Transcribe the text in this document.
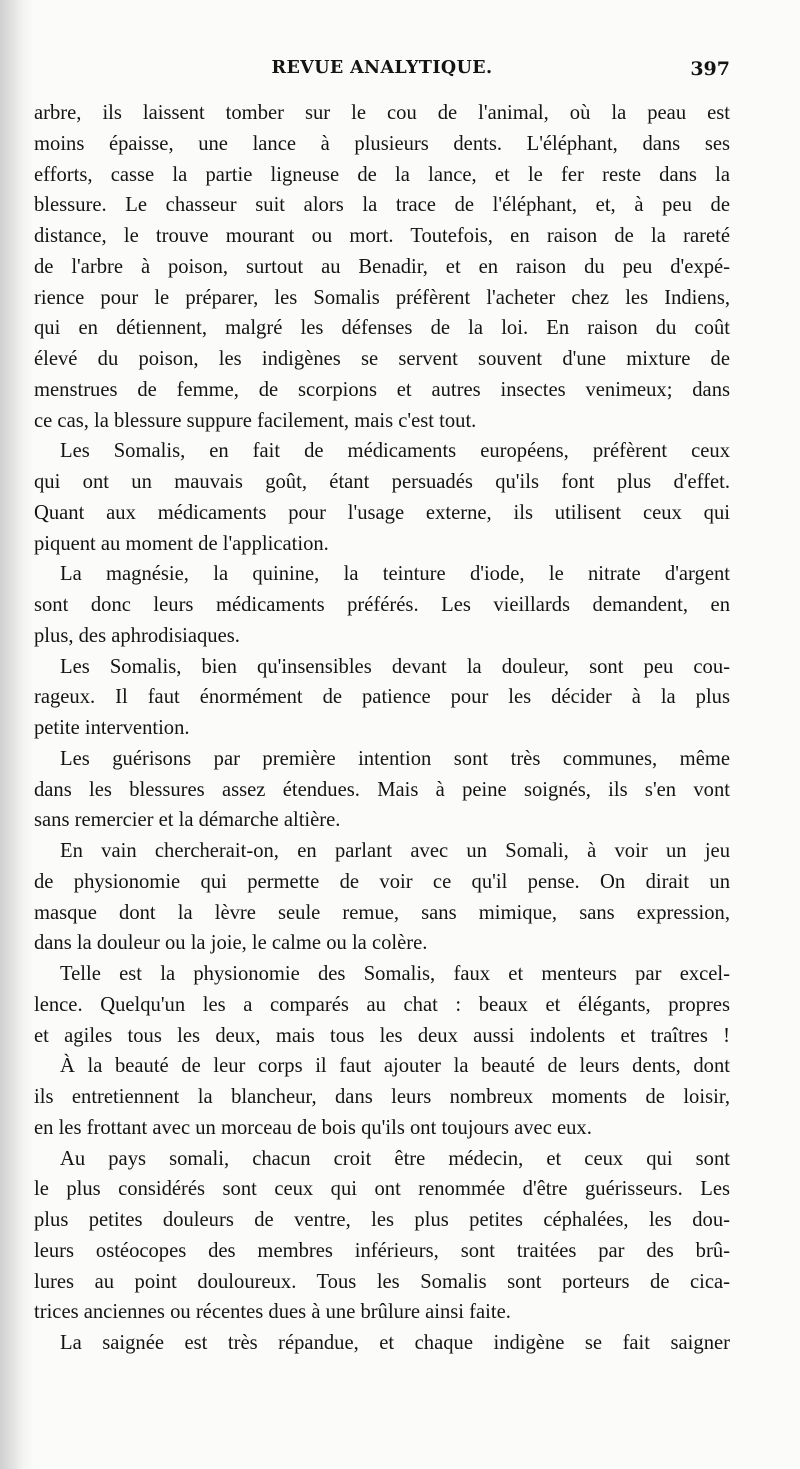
REVUE ANALYTIQUE.	397
arbre, ils laissent tomber sur le cou de l'animal, où la peau est
moins épaisse, une lance à plusieurs dents. L'éléphant, dans ses
efforts, casse la partie ligneuse de la lance, et le fer reste dans la
blessure. Le chasseur suit alors la trace de l'éléphant, et, à peu de
distance, le trouve mourant ou mort. Toutefois, en raison de la rareté
de l'arbre à poison, surtout au Benadir, et en raison du peu d'expé-
rience pour le préparer, les Somalis préfèrent l'acheter chez les Indiens,
qui en détiennent, malgré les défenses de la loi. En raison du coût
élevé du poison, les indigènes se servent souvent d'une mixture de
menstrues de femme, de scorpions et autres insectes venimeux; dans
ce cas, la blessure suppure facilement, mais c'est tout.
Les Somalis, en fait de médicaments européens, préfèrent ceux
qui ont un mauvais goût, étant persuadés qu'ils font plus d'effet.
Quant aux médicaments pour l'usage externe, ils utilisent ceux qui
piquent au moment de l'application.
La magnésie, la quinine, la teinture d'iode, le nitrate d'argent
sont donc leurs médicaments préférés. Les vieillards demandent, en
plus, des aphrodisiaques.
Les Somalis, bien qu'insensibles devant la douleur, sont peu cou-
rageux. Il faut énormément de patience pour les décider à la plus
petite intervention.
Les guérisons par première intention sont très communes, même
dans les blessures assez étendues. Mais à peine soignés, ils s'en vont
sans remercier et la démarche altière.
En vain chercherait-on, en parlant avec un Somali, à voir un jeu
de physionomie qui permette de voir ce qu'il pense. On dirait un
masque dont la lèvre seule remue, sans mimique, sans expression,
dans la douleur ou la joie, le calme ou la colère.
Telle est la physionomie des Somalis, faux et menteurs par excel-
lence. Quelqu'un les a comparés au chat : beaux et élégants, propres
et agiles tous les deux, mais tous les deux aussi indolents et traîtres !
À la beauté de leur corps il faut ajouter la beauté de leurs dents, dont
ils entretiennent la blancheur, dans leurs nombreux moments de loisir,
en les frottant avec un morceau de bois qu'ils ont toujours avec eux.
Au pays somali, chacun croit être médecin, et ceux qui sont
le plus considérés sont ceux qui ont renommée d'être guérisseurs. Les
plus petites douleurs de ventre, les plus petites céphalées, les dou-
leurs ostéocopes des membres inférieurs, sont traitées par des brû-
lures au point douloureux. Tous les Somalis sont porteurs de cica-
trices anciennes ou récentes dues à une brûlure ainsi faite.
La saignée est très répandue, et chaque indigène se fait saigner
